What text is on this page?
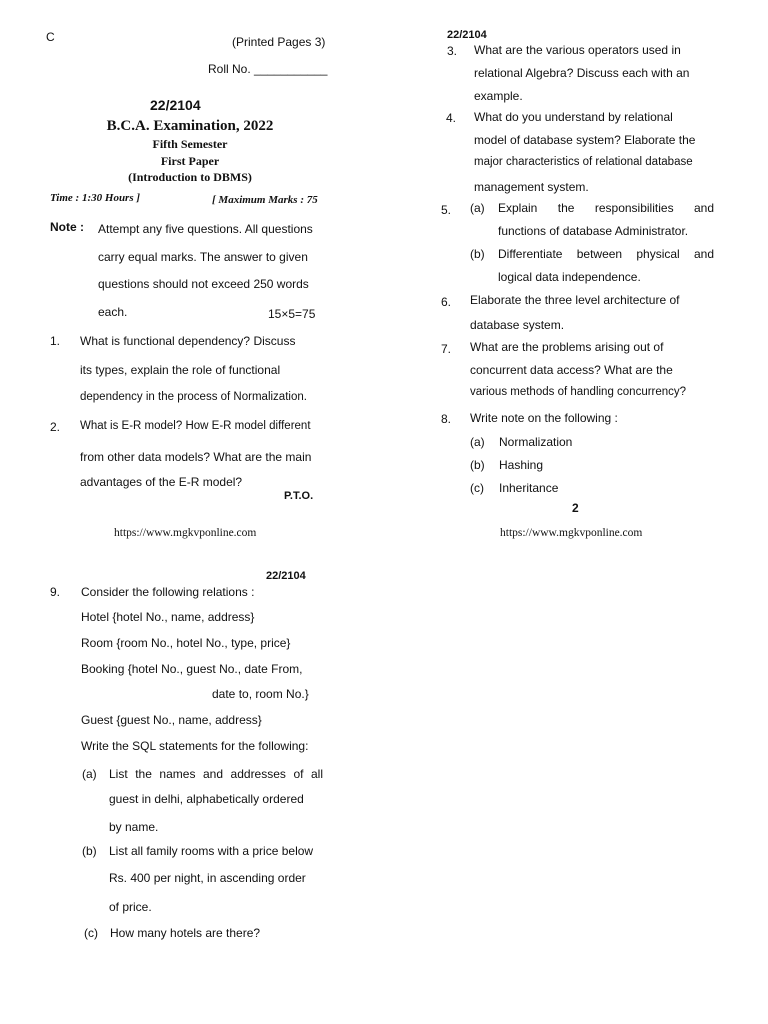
C	(Printed Pages 3)
Roll No. ___________
22/2104
B.C.A. Examination, 2022
Fifth Semester
First Paper
(Introduction to DBMS)
Time : 1:30 Hours ]	[ Maximum Marks : 75
Note : Attempt any five questions. All questions
carry equal marks. The answer to given
questions should not exceed 250 words
each.	15×5=75
1. What is functional dependency? Discuss
its types, explain the role of functional
dependency in the process of Normalization.
2. What is E-R model? How E-R model different
from other data models? What are the main
advantages of the E-R model?
P.T.O.
https://www.mgkvponline.com
22/2104
3. What are the various operators used in
relational Algebra? Discuss each with an
example.
4. What do you understand by relational
model of database system? Elaborate the
major characteristics of relational database
management system.
5. (a) Explain the responsibilities and
functions of database Administrator.
(b) Differentiate between physical and
logical data independence.
6. Elaborate the three level architecture of
database system.
7. What are the problems arising out of
concurrent data access? What are the
various methods of handling concurrency?
8. Write note on the following :
(a) Normalization
(b) Hashing
(c) Inheritance
2
https://www.mgkvponline.com
22/2104
9. Consider the following relations :
Hotel {hotel No., name, address}
Room {room No., hotel No., type, price}
Booking {hotel No., guest No., date From,
date to, room No.}
Guest {guest No., name, address}
Write the SQL statements for the following:
(a) List the names and addresses of all
guest in delhi, alphabetically ordered
by name.
(b) List all family rooms with a price below
Rs. 400 per night, in ascending order
of price.
(c) How many hotels are there?
